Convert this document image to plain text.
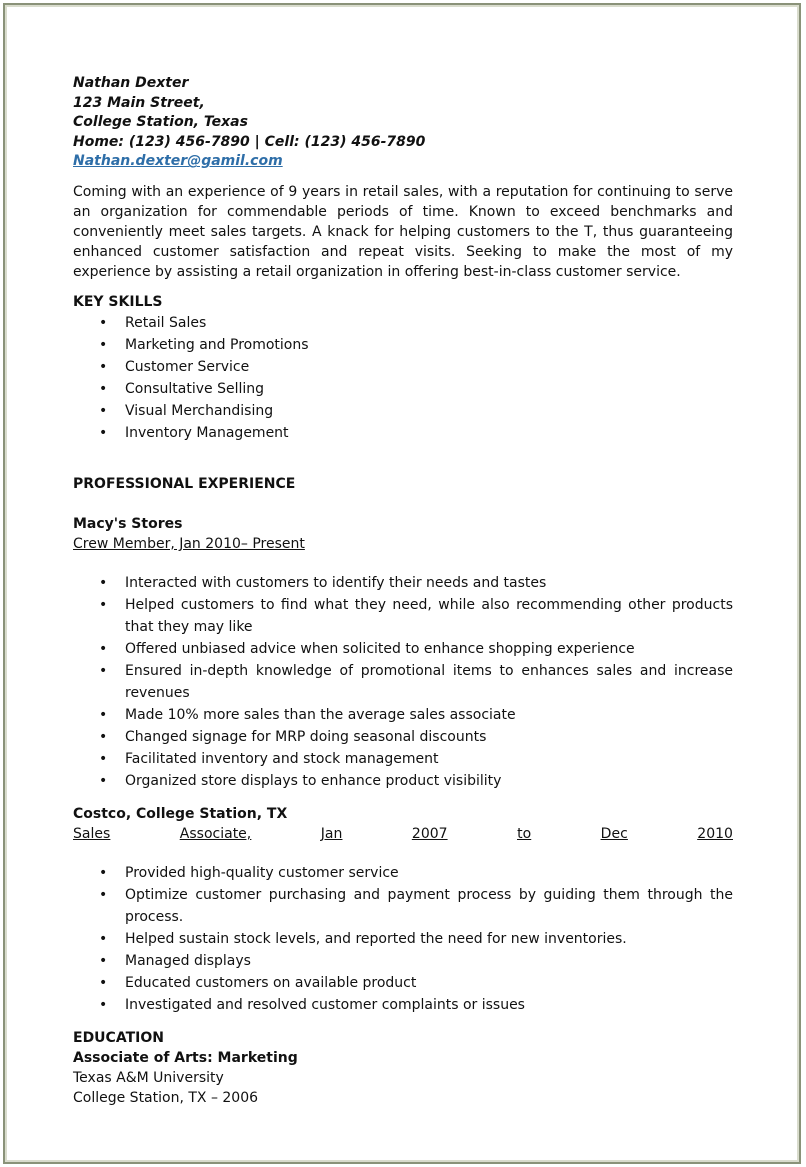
Nathan Dexter
123 Main Street,
College Station, Texas
Home: (123) 456-7890 | Cell: (123) 456-7890
Nathan.dexter@gamil.com
Coming with an experience of 9 years in retail sales, with a reputation for continuing to serve an organization for commendable periods of time. Known to exceed benchmarks and conveniently meet sales targets. A knack for helping customers to the T, thus guaranteeing enhanced customer satisfaction and repeat visits. Seeking to make the most of my experience by assisting a retail organization in offering best-in-class customer service.
KEY SKILLS
• Retail Sales
• Marketing and Promotions
• Customer Service
• Consultative Selling
• Visual Merchandising
• Inventory Management
PROFESSIONAL EXPERIENCE
Macy's Stores
Crew Member, Jan 2010– Present
• Interacted with customers to identify their needs and tastes
• Helped customers to find what they need, while also recommending other products that they may like
• Offered unbiased advice when solicited to enhance shopping experience
• Ensured in-depth knowledge of promotional items to enhances sales and increase revenues
• Made 10% more sales than the average sales associate
• Changed signage for MRP doing seasonal discounts
• Facilitated inventory and stock management
• Organized store displays to enhance product visibility
Costco, College Station, TX
Sales	Associate,	Jan	2007	to	Dec	2010
• Provided high-quality customer service
• Optimize customer purchasing and payment process by guiding them through the process.
• Helped sustain stock levels, and reported the need for new inventories.
• Managed displays
• Educated customers on available product
• Investigated and resolved customer complaints or issues
EDUCATION
Associate of Arts: Marketing
Texas A&M University
College Station, TX – 2006
